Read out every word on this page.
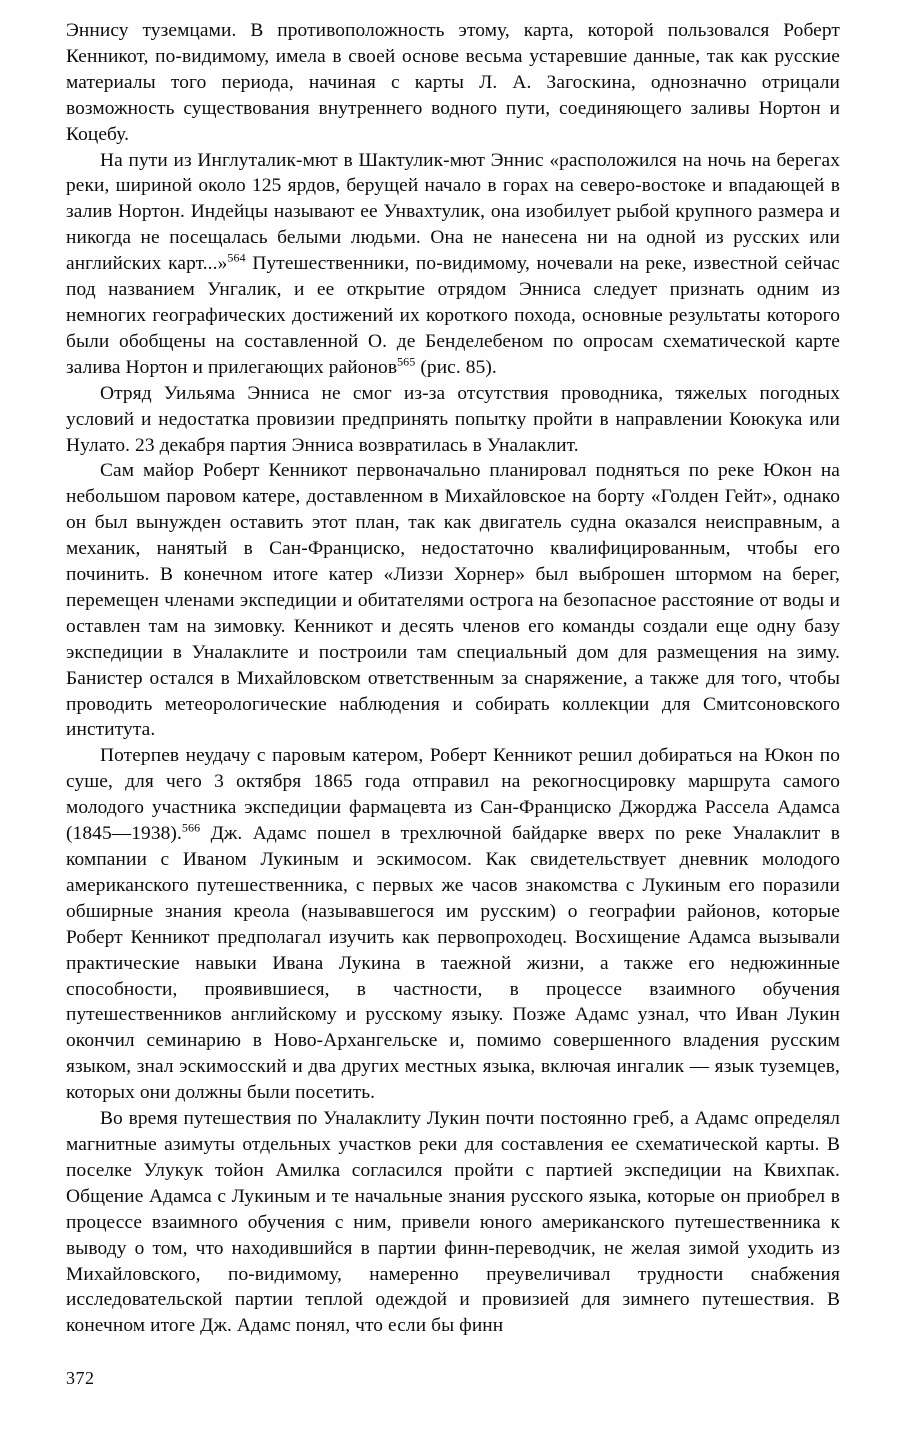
Эннису туземцами. В противоположность этому, карта, которой пользовался Роберт Кенникот, по-видимому, имела в своей основе весьма устаревшие данные, так как русские материалы того периода, начиная с карты Л. А. Загоскина, однозначно отрицали возможность существования внутреннего водного пути, соединяющего заливы Нортон и Коцебу.

На пути из Инглуталик-мют в Шактулик-мют Эннис «расположился на ночь на берегах реки, шириной около 125 ярдов, берущей начало в горах на северо-востоке и впадающей в залив Нортон. Индейцы называют ее Унвахтулик, она изобилует рыбой крупного размера и никогда не посещалась белыми людьми. Она не нанесена ни на одной из русских или английских карт...»$^{564}$ Путешественники, по-видимому, ночевали на реке, известной сейчас под названием Унгалик, и ее открытие отрядом Энниса следует признать одним из немногих географических достижений их короткого похода, основные результаты которого были обобщены на составленной О. де Бенделебеном по опросам схематической карте залива Нортон и прилегающих районов$^{565}$ (рис. 85).

Отряд Уильяма Энниса не смог из-за отсутствия проводника, тяжелых погодных условий и недостатка провизии предпринять попытку пройти в направлении Коюкука или Нулато. 23 декабря партия Энниса возвратилась в Уналаклит.

Сам майор Роберт Кенникот первоначально планировал подняться по реке Юкон на небольшом паровом катере, доставленном в Михайловское на борту «Голден Гейт», однако он был вынужден оставить этот план, так как двигатель судна оказался неисправным, а механик, нанятый в Сан-Франциско, недостаточно квалифицированным, чтобы его починить. В конечном итоге катер «Лиззи Хорнер» был выброшен штормом на берег, перемещен членами экспедиции и обитателями острога на безопасное расстояние от воды и оставлен там на зимовку. Кенникот и десять членов его команды создали еще одну базу экспедиции в Уналаклите и построили там специальный дом для размещения на зиму. Банистер остался в Михайловском ответственным за снаряжение, а также для того, чтобы проводить метеорологические наблюдения и собирать коллекции для Смитсоновского института.

Потерпев неудачу с паровым катером, Роберт Кенникот решил добираться на Юкон по суше, для чего 3 октября 1865 года отправил на рекогносцировку маршрута самого молодого участника экспедиции фармацевта из Сан-Франциско Джорджа Рассела Адамса (1845—1938).$^{566}$ Дж. Адамс пошел в трехлючной байдарке вверх по реке Уналаклит в компании с Иваном Лукиным и эскимосом. Как свидетельствует дневник молодого американского путешественника, с первых же часов знакомства с Лукиным его поразили обширные знания креола (называвшегося им русским) о географии районов, которые Роберт Кенникот предполагал изучить как первопроходец. Восхищение Адамса вызывали практические навыки Ивана Лукина в таежной жизни, а также его недюжинные способности, проявившиеся, в частности, в процессе взаимного обучения путешественников английскому и русскому языку. Позже Адамс узнал, что Иван Лукин окончил семинарию в Ново-Архангельске и, помимо совершенного владения русским языком, знал эскимосский и два других местных языка, включая ингалик — язык туземцев, которых они должны были посетить.

Во время путешествия по Уналаклиту Лукин почти постоянно греб, а Адамс определял магнитные азимуты отдельных участков реки для составления ее схематической карты. В поселке Улукук тойон Амилка согласился пройти с партией экспедиции на Квихпак. Общение Адамса с Лукиным и те начальные знания русского языка, которые он приобрел в процессе взаимного обучения с ним, привели юного американского путешественника к выводу о том, что находившийся в партии финн-переводчик, не желая зимой уходить из Михайловского, по-видимому, намеренно преувеличивал трудности снабжения исследовательской партии теплой одеждой и провизией для зимнего путешествия. В конечном итоге Дж. Адамс понял, что если бы финн

372
